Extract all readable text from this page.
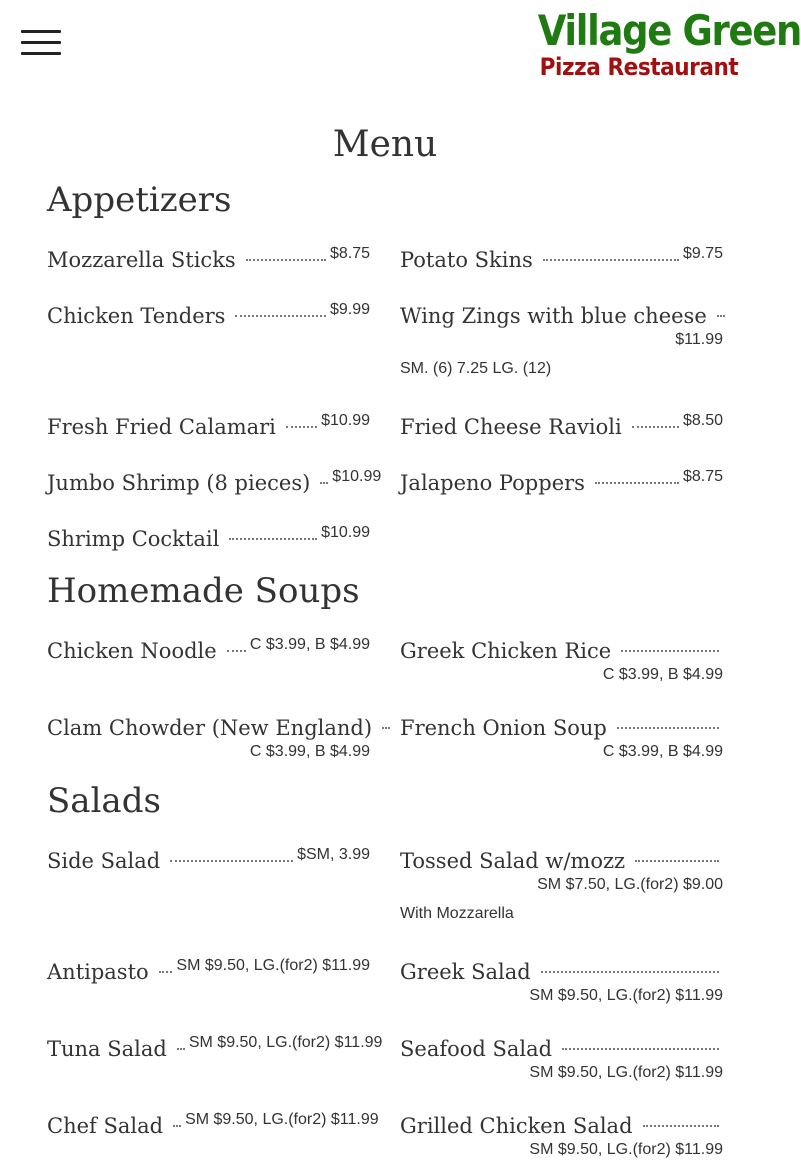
Village Green
Pizza Restaurant
Menu
Appetizers
Mozzarella Sticks	$8.75 Potato Skins	$9.75
Chicken Tenders	$9.99 Wing Zings with blue cheese
$11.99
SM. (6) 7.25 LG. (12)
Fresh Fried Calamari	$10.99 Fried Cheese Ravioli	$8.50
Jumbo Shrimp (8 pieces) $10.99 Jalapeno Poppers	$8.75
Shrimp Cocktail	$10.99
Homemade Soups
Chicken Noodle C $3.99, B $4.99 Greek Chicken Rice
C $3.99, B $4.99
Clam Chowder (New England)
C $3.99, B $4.99
French Onion Soup
C $3.99, B $4.99
Salads
Side Salad	$SM, 3.99 Tossed Salad w/mozz
SM $7.50, LG.(for2) $9.00
With Mozzarella
Antipasto SM $9.50, LG.(for2) $11.99 Greek Salad
SM $9.50, LG.(for2) $11.99
Tuna Salad SM $9.50, LG.(for2) $11.99 Seafood Salad
SM $9.50, LG.(for2) $11.99
Chef Salad SM $9.50, LG.(for2) $11.99 Grilled Chicken Salad
SM $9.50, LG.(for2) $11.99
